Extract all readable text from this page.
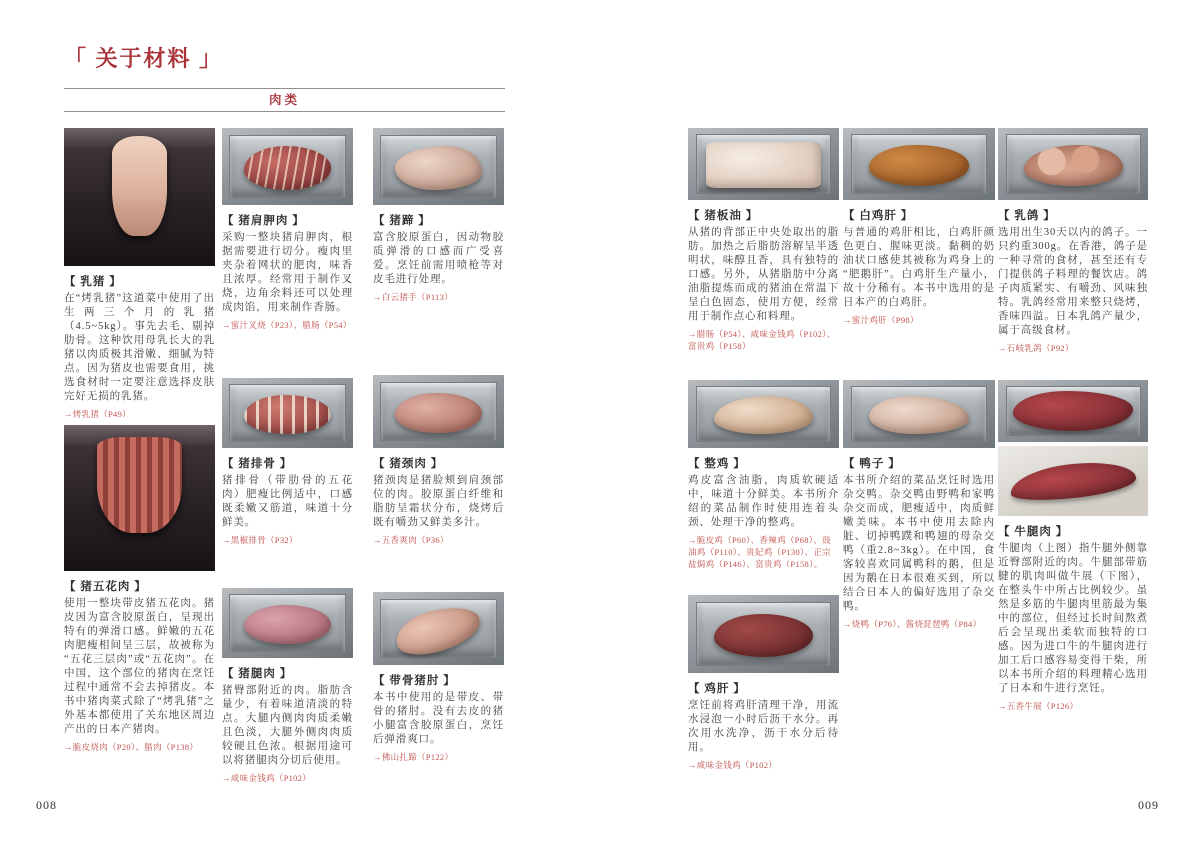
「 关于材料 」
肉类
【 乳猪 】

在“烤乳猪”这道菜中使用了出生两三个月的乳猪（4.5~5kg）。事先去毛、剔掉肋骨。这种饮用母乳长大的乳猪以肉质极其滑嫩、细腻为特点。因为猪皮也需要食用，挑选食材时一定要注意选择皮肤完好无损的乳猪。

→烤乳猪（P49）

【 猪五花肉 】

使用一整块带皮猪五花肉。猪皮因为富含胶原蛋白，呈现出特有的弹滑口感。鲜嫩的五花肉肥瘦相间呈三层，故被称为“五花三层肉”或“五花肉”。在中国，这个部位的猪肉在烹饪过程中通常不会去掉猪皮。本书中猪肉菜式除了“烤乳猪”之外基本都使用了关东地区周边产出的日本产猪肉。

→脆皮烧肉（P20）、腊肉（P138）

【 猪肩胛肉 】

采购一整块猪肩胛肉，根据需要进行切分。瘦肉里夹杂着网状的肥肉，味香且浓厚。经常用于制作叉烧，边角余料还可以处理成肉馅，用来制作香肠。

→蜜汁叉烧（P23）、腊肠（P54）

【 猪排骨 】

猪排骨（带肋骨的五花肉）肥瘦比例适中，口感既柔嫩又筋道，味道十分鲜美。

→黑椒排骨（P32）

【 猪腿肉 】

猪臀部附近的肉。脂肪含量少，有着味道清淡的特点。大腿内侧肉肉质柔嫩且色淡，大腿外侧肉肉质较硬且色浓。根据用途可以将猪腿肉分切后使用。

→咸味金钱鸡（P102）

【 猪蹄 】

富含胶原蛋白，因动物胶质弹滑的口感而广受喜爱。烹饪前需用喷枪等对皮毛进行处理。

→白云猪手（P113）

【 猪颈肉 】

猪颈肉是猪脸颊到肩颈部位的肉。胶原蛋白纤维和脂肪呈霜状分布，烧烤后既有嚼劲又鲜美多汁。

→五香爽肉（P36）

【 带骨猪肘 】

本书中使用的是带皮、带骨的猪肘。没有去皮的猪小腿富含胶原蛋白，烹饪后弹滑爽口。

→佛山扎蹄（P122）

【 猪板油 】

从猪的背部正中央处取出的脂肪。加热之后脂肪溶解呈半透明状，味醇且香，具有独特的口感。另外，从猪脂肪中分离油脂提炼而成的猪油在常温下呈白色固态，使用方便，经常用于制作点心和料理。

→腊肠（P54）、咸味金钱鸡（P102）、富贵鸡（P158）

【 整鸡 】

鸡皮富含油脂，肉质软硬适中，味道十分鲜美。本书所介绍的菜品制作时使用连着头颈、处理干净的整鸡。

→脆皮鸡（P60）、香辣鸡（P68）、豉油鸡（P110）、贵妃鸡（P130）、正宗盐焗鸡（P146）、富贵鸡（P158）。

【 鸡肝 】

烹饪前将鸡肝清理干净，用流水浸泡一小时后沥干水分。再次用水洗净，沥干水分后待用。

→咸味金钱鸡（P102）

【 白鸡肝 】

与普通的鸡肝相比，白鸡肝颜色更白、腥味更淡。黏稠的奶油状口感使其被称为鸡身上的“肥鹅肝”。白鸡肝生产量小，故十分稀有。本书中选用的是日本产的白鸡肝。

→蜜汁鸡肝（P98）

【 鸭子 】

本书所介绍的菜品烹饪时选用杂交鸭。杂交鸭由野鸭和家鸭杂交而成，肥瘦适中，肉质鲜嫩美味。本书中使用去除内脏、切掉鸭蹼和鸭翅的母杂交鸭（重2.8~3kg）。在中国，食客较喜欢同属鸭科的鹅，但是因为鹅在日本很难买到，所以结合日本人的偏好选用了杂交鸭。

→烧鸭（P76）、酱烧琵琶鸭（P84）

【 乳鸽 】

选用出生30天以内的鸽子。一只约重300g。在香港，鸽子是一种寻常的食材，甚至还有专门提供鸽子料理的餐饮店。鸽子肉质紧实、有嚼劲、风味独特。乳鸽经常用来整只烧烤，香味四溢。日本乳鸽产量少，属于高级食材。

→石岐乳鸽（P92）

【 牛腿肉 】

牛腿肉（上图）指牛腿外侧靠近臀部附近的肉。牛腿部带筋腱的肌肉叫做牛展（下图），在整头牛中所占比例较少。虽然是多筋的牛腿肉里筋最为集中的部位，但经过长时间熬煮后会呈现出柔软而独特的口感。因为进口牛的牛腿肉进行加工后口感容易变得干柴，所以本书所介绍的料理精心选用了日本和牛进行烹饪。

→五香牛展（P126）

008	009
